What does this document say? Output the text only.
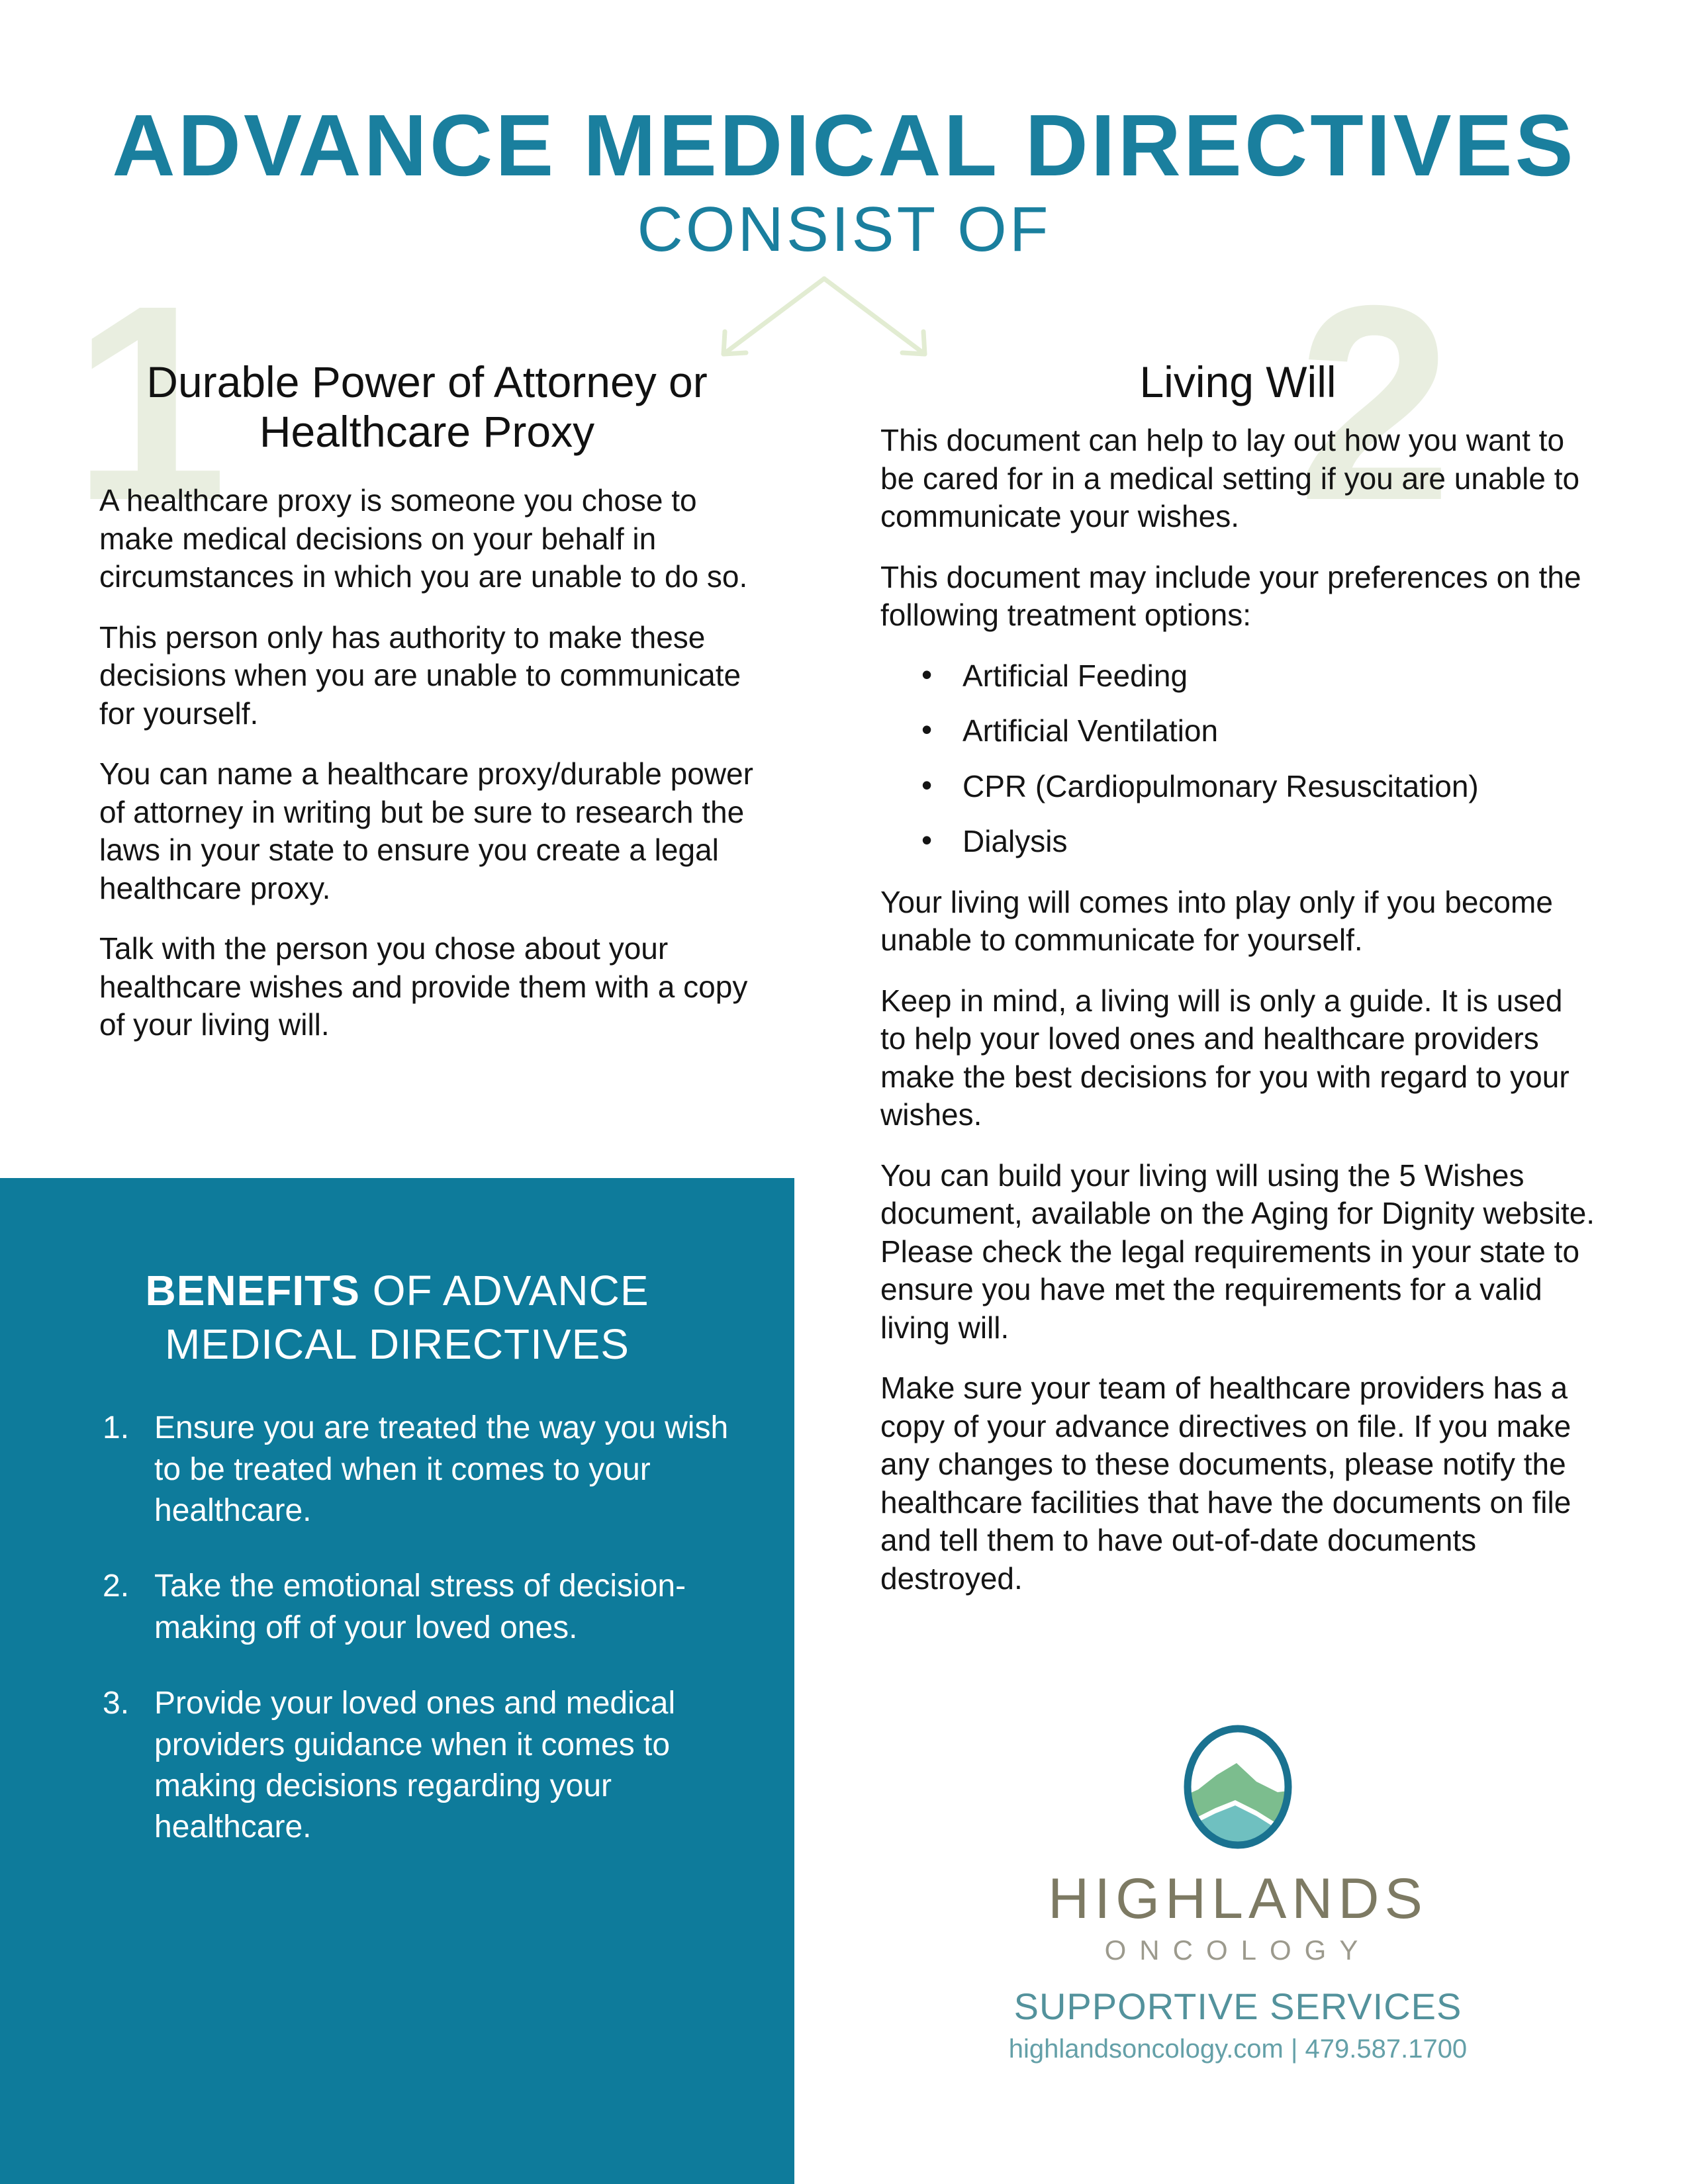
ADVANCE MEDICAL DIRECTIVES
CONSIST OF
1	2
Durable Power of Attorney or Healthcare Proxy

A healthcare proxy is someone you chose to make medical decisions on your behalf in circumstances in which you are unable to do so.

This person only has authority to make these decisions when you are unable to communicate for yourself.

You can name a healthcare proxy/durable power of attorney in writing but be sure to research the laws in your state to ensure you create a legal healthcare proxy.

Talk with the person you chose about your healthcare wishes and provide them with a copy of your living will.

Living Will

This document can help to lay out how you want to be cared for in a medical setting if you are unable to communicate your wishes.

This document may include your preferences on the following treatment options:

• Artificial Feeding
• Artificial Ventilation
• CPR (Cardiopulmonary Resuscitation)
• Dialysis

Your living will comes into play only if you become unable to communicate for yourself.

Keep in mind, a living will is only a guide. It is used to help your loved ones and healthcare providers make the best decisions for you with regard to your wishes.

You can build your living will using the 5 Wishes document, available on the Aging for Dignity website. Please check the legal requirements in your state to ensure you have met the requirements for a valid living will.

Make sure your team of healthcare providers has a copy of your advance directives on file. If you make any changes to these documents, please notify the healthcare facilities that have the documents on file and tell them to have out-of-date documents destroyed.

BENEFITS OF ADVANCE MEDICAL DIRECTIVES
Ensure you are treated the way you wish to be treated when it comes to your healthcare.
Take the emotional stress of decision-making off of your loved ones.
Provide your loved ones and medical providers guidance when it comes to making decisions regarding your healthcare.
HIGHLANDS
ONCOLOGY
SUPPORTIVE SERVICES
highlandsoncology.com | 479.587.1700
